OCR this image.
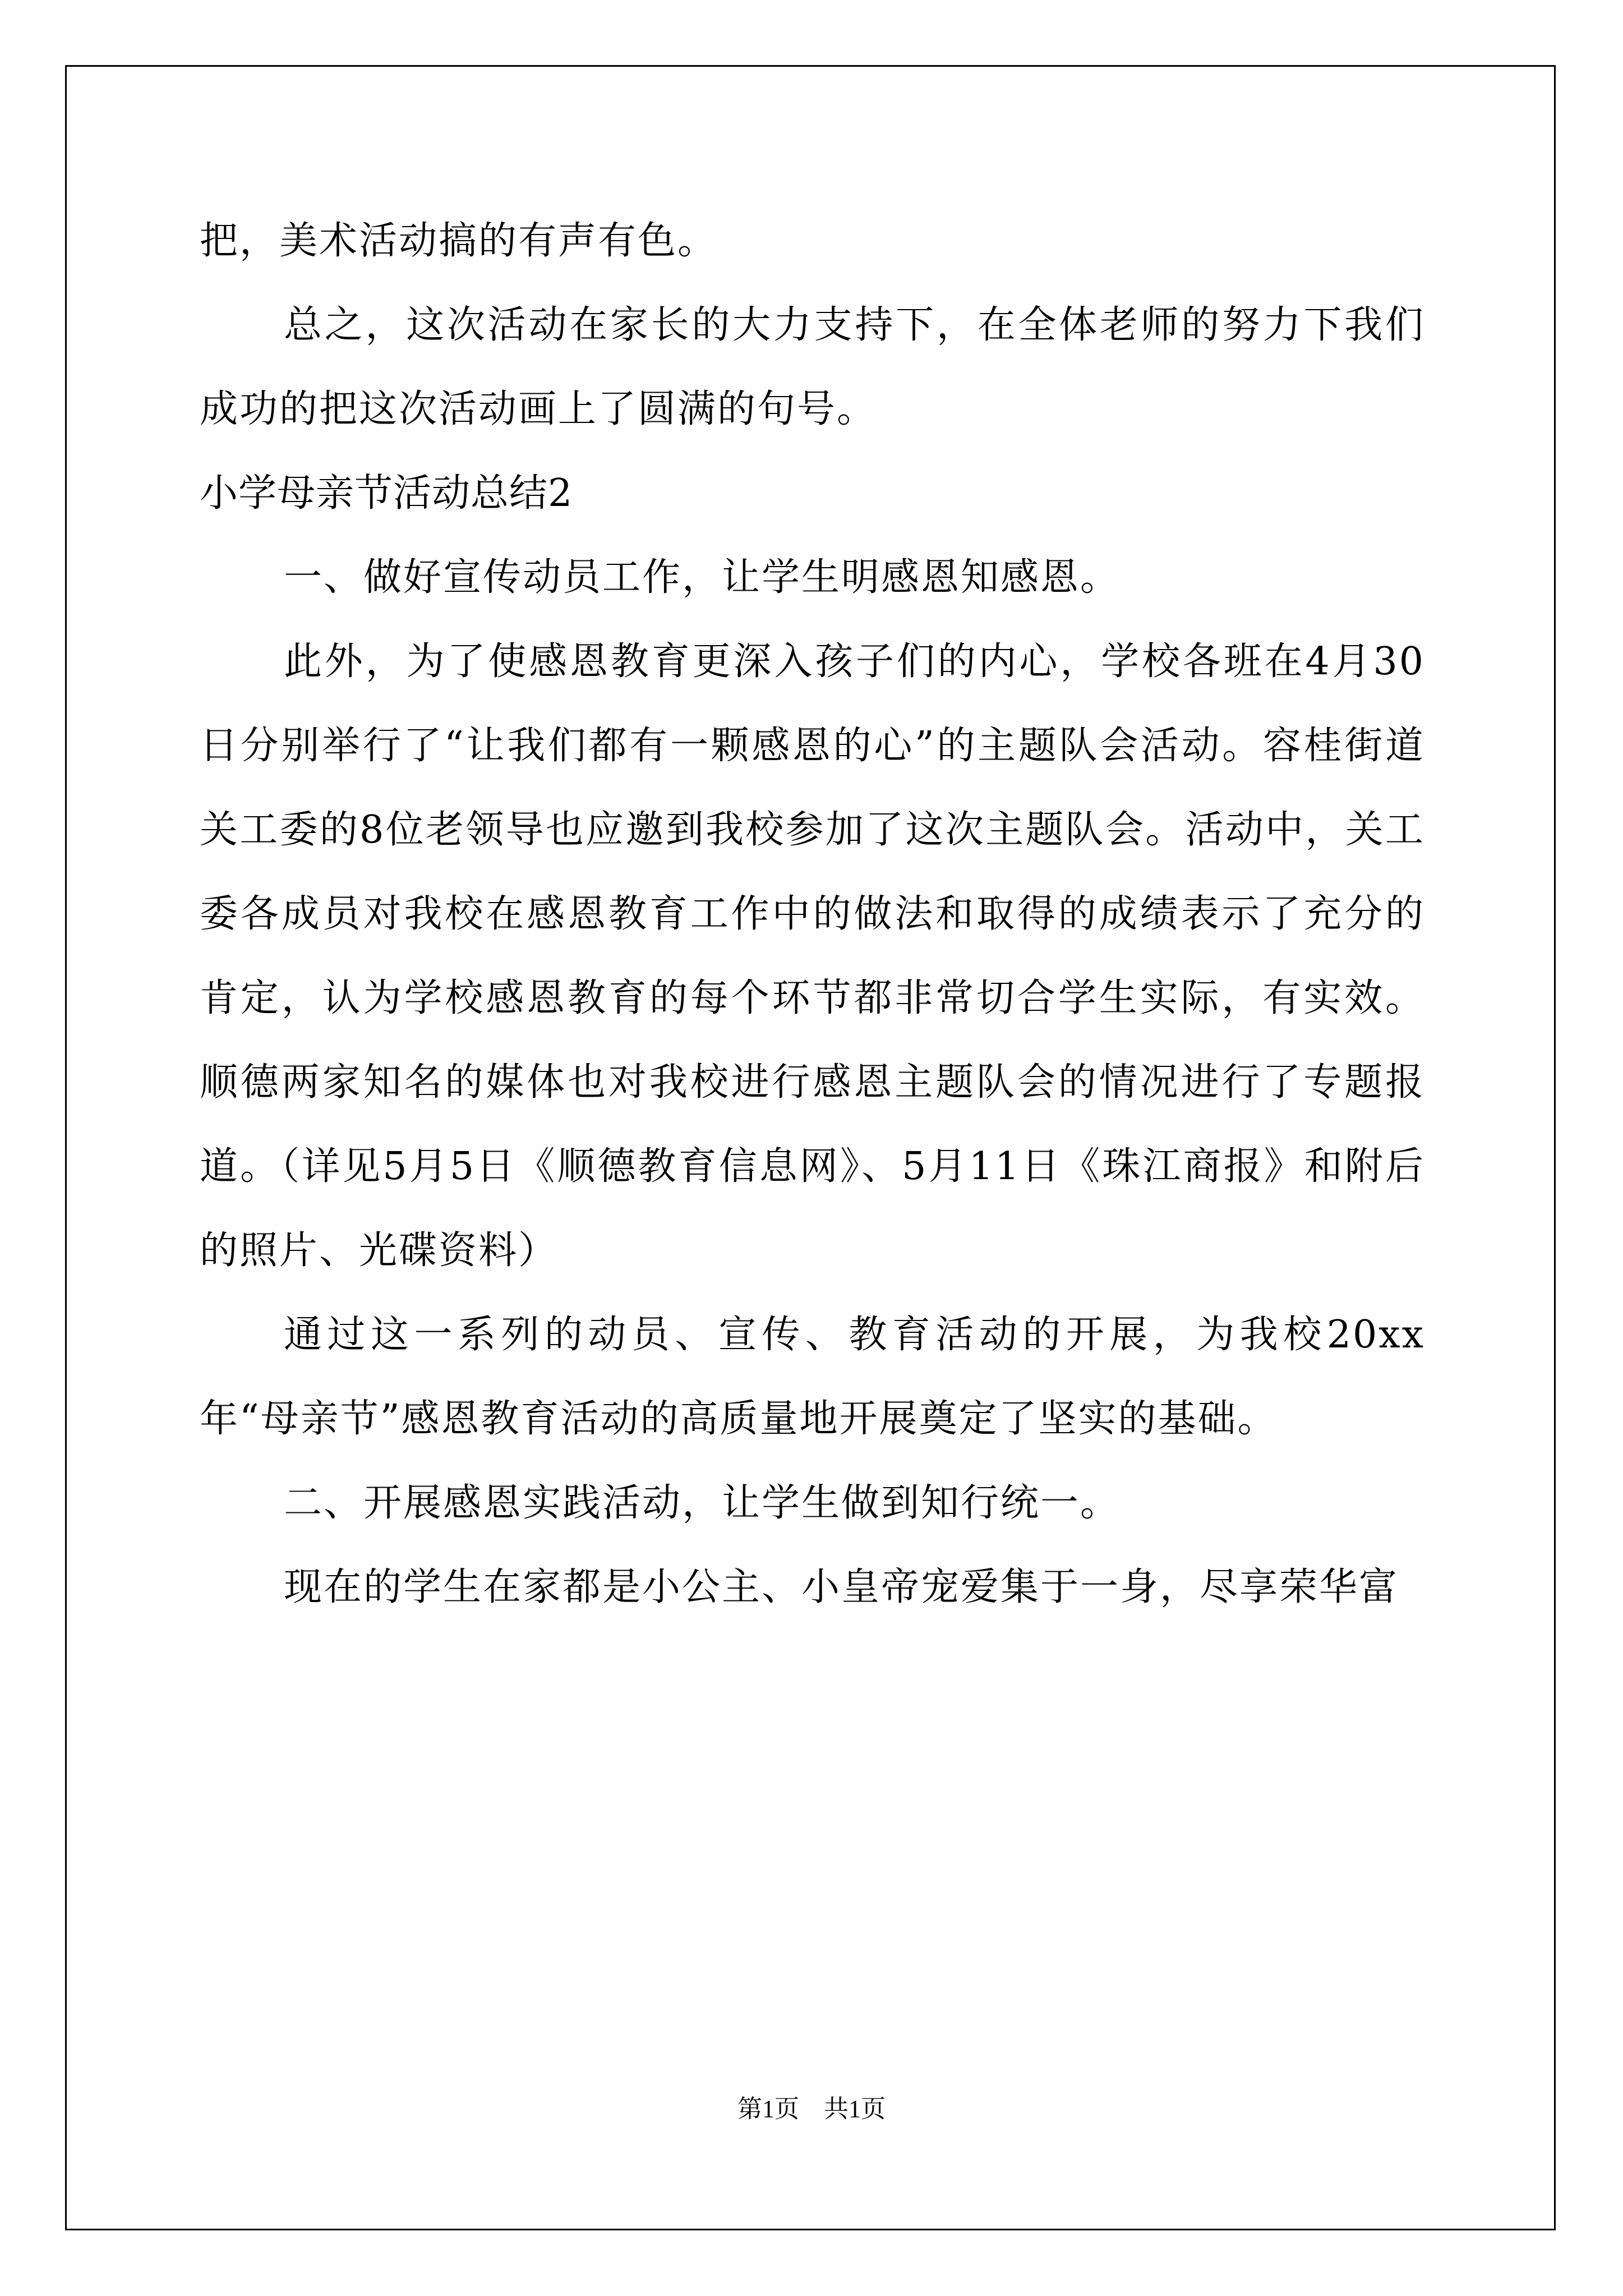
把，美术活动搞的有声有色。

总之，这次活动在家长的大力支持下，在全体老师的努力下我们成功的把这次活动画上了圆满的句号。

小学母亲节活动总结2

一、做好宣传动员工作，让学生明感恩知感恩。

此外，为了使感恩教育更深入孩子们的内心，学校各班在4月30日分别举行了“让我们都有一颗感恩的心”的主题队会活动。容桂街道关工委的8位老领导也应邀到我校参加了这次主题队会。活动中，关工委各成员对我校在感恩教育工作中的做法和取得的成绩表示了充分的肯定，认为学校感恩教育的每个环节都非常切合学生实际，有实效。顺德两家知名的媒体也对我校进行感恩主题队会的情况进行了专题报道。（详见5月5日《顺德教育信息网》、5月11日《珠江商报》和附后的照片、光碟资料）

通过这一系列的动员、宣传、教育活动的开展，为我校20xx年“母亲节”感恩教育活动的高质量地开展奠定了坚实的基础。

二、开展感恩实践活动，让学生做到知行统一。

现在的学生在家都是小公主、小皇帝宠爱集于一身，尽享荣华富

第1页　共1页
